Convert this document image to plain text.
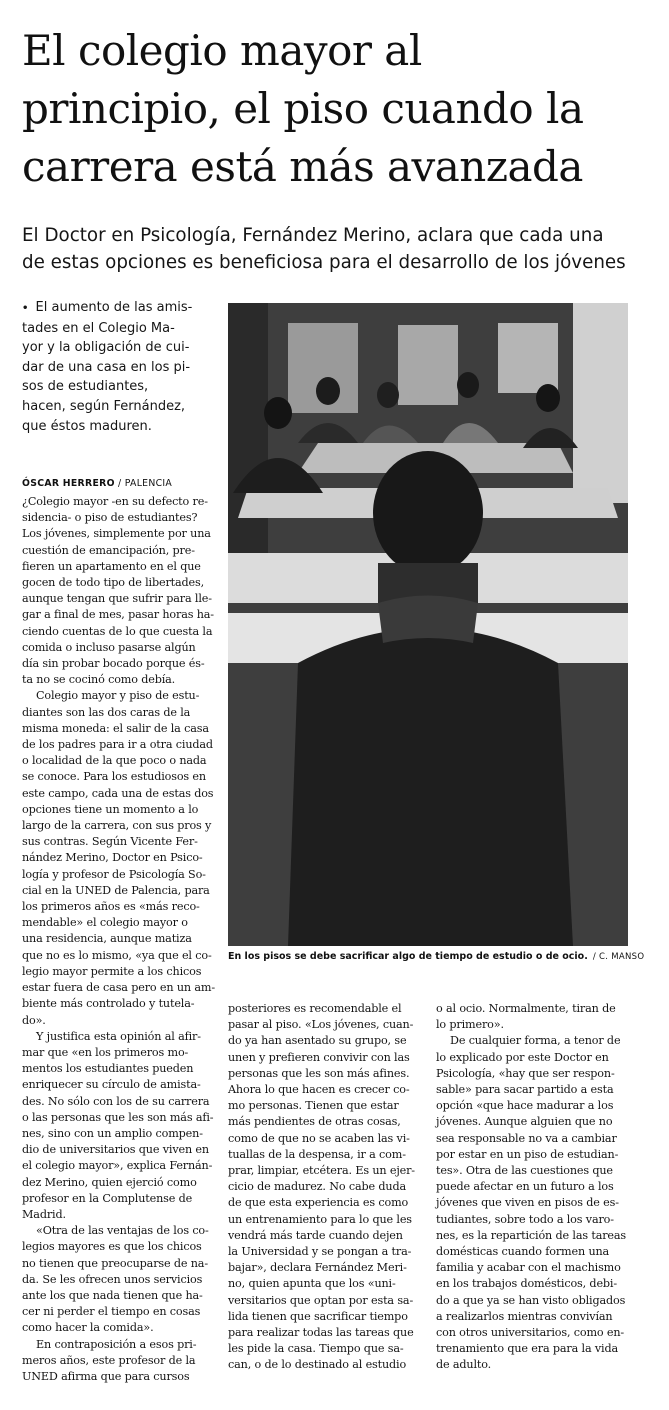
El colegio mayor al
principio, el piso cuando la
carrera está más avanzada

El Doctor en Psicología, Fernández Merino, aclara que cada una
de estas opciones es beneficiosa para el desarrollo de los jóvenes

• El aumento de las amis-
tades en el Colegio Ma-
yor y la obligación de cui-
dar de una casa en los pi-
sos de estudiantes,
hacen, según Fernández,
que éstos maduren.
ÓSCAR HERRERO / PALENCIA
¿Colegio mayor -en su defecto re-
sidencia- o piso de estudiantes?
Los jóvenes, simplemente por una
cuestión de emancipación, pre-
fieren un apartamento en el que
gocen de todo tipo de libertades,
aunque tengan que sufrir para lle-
gar a final de mes, pasar horas ha-
ciendo cuentas de lo que cuesta la
comida o incluso pasarse algún
día sin probar bocado porque és-
ta no se cocinó como debía.
Colegio mayor y piso de estu-
diantes son las dos caras de la
misma moneda: el salir de la casa
de los padres para ir a otra ciudad
o localidad de la que poco o nada
se conoce. Para los estudiosos en
este campo, cada una de estas dos
opciones tiene un momento a lo
largo de la carrera, con sus pros y
sus contras. Según Vicente Fer-
nández Merino, Doctor en Psico-
logía y profesor de Psicología So-
cial en la UNED de Palencia, para
los primeros años es «más reco-
mendable» el colegio mayor o
una residencia, aunque matiza
que no es lo mismo, «ya que el co-
legio mayor permite a los chicos
estar fuera de casa pero en un am-
biente más controlado y tutela-
do».
Y justifica esta opinión al afir-
mar que «en los primeros mo-
mentos los estudiantes pueden
enriquecer su círculo de amista-
des. No sólo con los de su carrera
o las personas que les son más afi-
nes, sino con un amplio compen-
dio de universitarios que viven en
el colegio mayor», explica Fernán-
dez Merino, quien ejerció como
profesor en la Complutense de
Madrid.
«Otra de las ventajas de los co-
legios mayores es que los chicos
no tienen que preocuparse de na-
da. Se les ofrecen unos servicios
ante los que nada tienen que ha-
cer ni perder el tiempo en cosas
como hacer la comida».
En contraposición a esos pri-
meros años, este profesor de la
UNED afirma que para cursos
En los pisos se debe sacrificar algo de tiempo de estudio o de ocio. / C. MANSO
posteriores es recomendable el
pasar al piso. «Los jóvenes, cuan-
do ya han asentado su grupo, se
unen y prefieren convivir con las
personas que les son más afines.
Ahora lo que hacen es crecer co-
mo personas. Tienen que estar
más pendientes de otras cosas,
como de que no se acaben las vi-
tuallas de la despensa, ir a com-
prar, limpiar, etcétera. Es un ejer-
cicio de madurez. No cabe duda
de que esta experiencia es como
un entrenamiento para lo que les
vendrá más tarde cuando dejen
la Universidad y se pongan a tra-
bajar», declara Fernández Meri-
no, quien apunta que los «uni-
versitarios que optan por esta sa-
lida tienen que sacrificar tiempo
para realizar todas las tareas que
les pide la casa. Tiempo que sa-
can, o de lo destinado al estudio
o al ocio. Normalmente, tiran de
lo primero».
De cualquier forma, a tenor de
lo explicado por este Doctor en
Psicología, «hay que ser respon-
sable» para sacar partido a esta
opción «que hace madurar a los
jóvenes. Aunque alguien que no
sea responsable no va a cambiar
por estar en un piso de estudian-
tes». Otra de las cuestiones que
puede afectar en un futuro a los
jóvenes que viven en pisos de es-
tudiantes, sobre todo a los varo-
nes, es la repartición de las tareas
domésticas cuando formen una
familia y acabar con el machismo
en los trabajos domésticos, debi-
do a que ya se han visto obligados
a realizarlos mientras convivían
con otros universitarios, como en-
trenamiento que era para la vida
de adulto.
